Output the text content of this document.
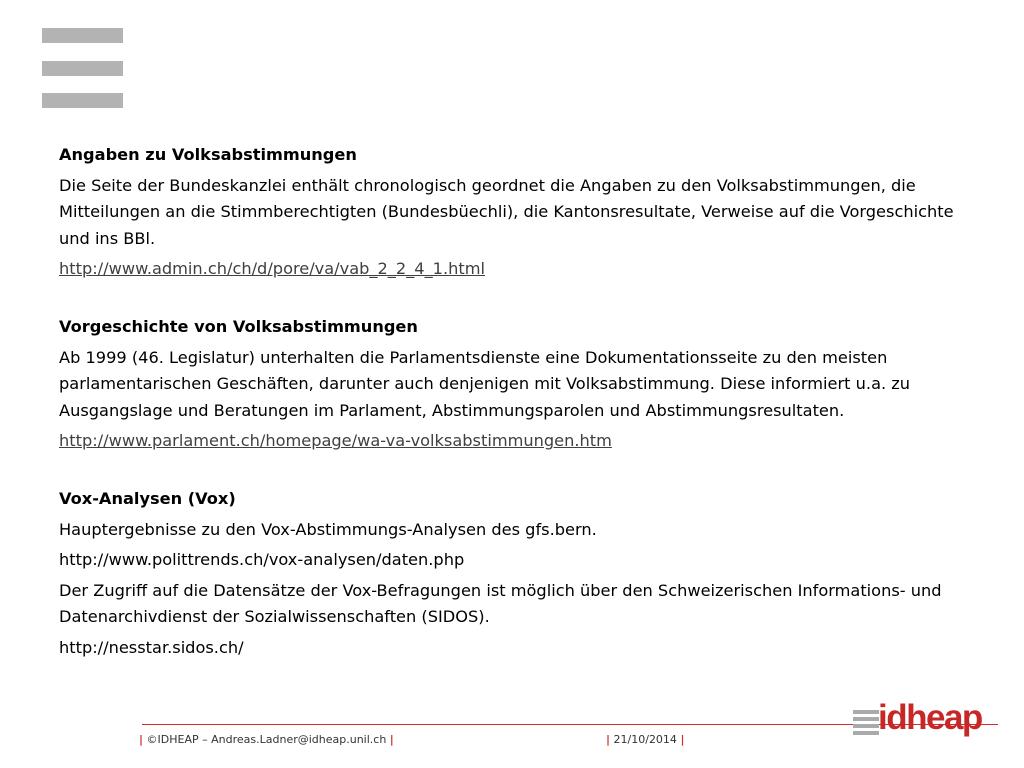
Angaben zu Volksabstimmungen

Die Seite der Bundeskanzlei enthält chronologisch geordnet die Angaben zu den Volksabstimmungen, die Mitteilungen an die Stimmberechtigten (Bundesbüechli), die Kantonsresultate, Verweise auf die Vorgeschichte und ins BBl.

http://www.admin.ch/ch/d/pore/va/vab_2_2_4_1.html

Vorgeschichte von Volksabstimmungen

Ab 1999 (46. Legislatur) unterhalten die Parlamentsdienste eine Dokumentationsseite zu den meisten parlamentarischen Geschäften, darunter auch denjenigen mit Volksabstimmung. Diese informiert u.a. zu Ausgangslage und Beratungen im Parlament, Abstimmungsparolen und Abstimmungsresultaten.

http://www.parlament.ch/homepage/wa-va-volksabstimmungen.htm

Vox-Analysen (Vox)

Hauptergebnisse zu den Vox-Abstimmungs-Analysen des gfs.bern.

http://www.polittrends.ch/vox-analysen/daten.php

Der Zugriff auf die Datensätze der Vox-Befragungen ist möglich über den Schweizerischen Informations- und Datenarchivdienst der Sozialwissenschaften (SIDOS).

http://nesstar.sidos.ch/

| ©IDHEAP – Andreas.Ladner@idheap.unil.ch |	| 21/10/2014 |
idheap
